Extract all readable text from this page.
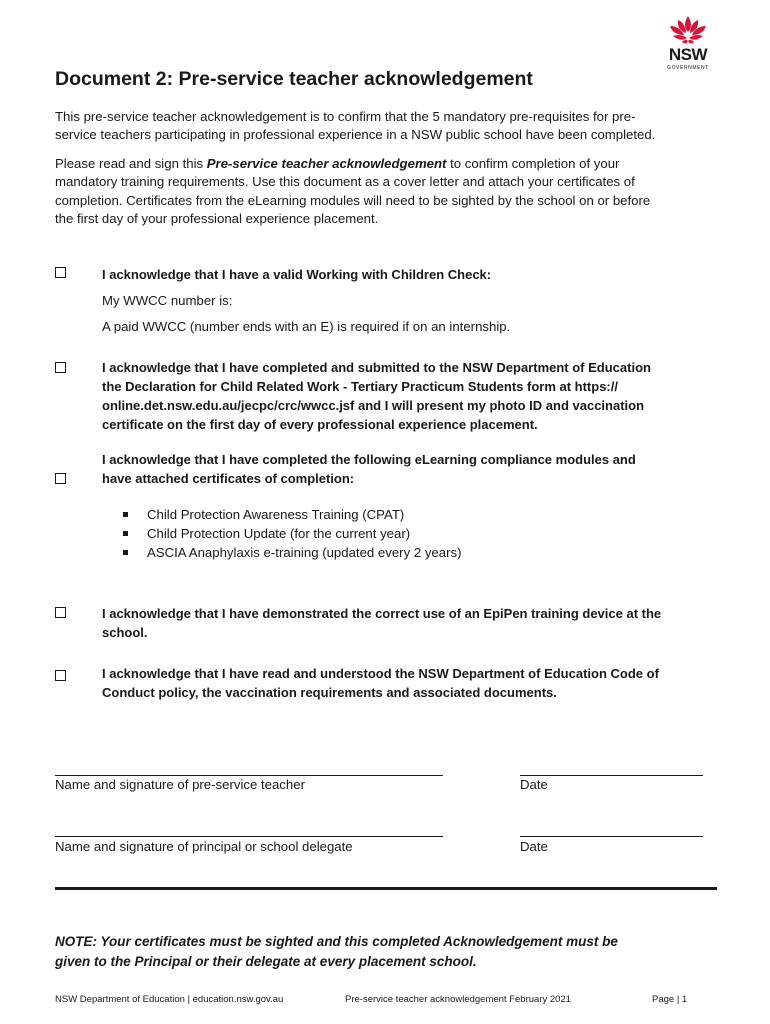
NSW
GOVERNMENT
Document 2: Pre-service teacher acknowledgement

This pre-service teacher acknowledgement is to confirm that the 5 mandatory pre-requisites for pre-
service teachers participating in professional experience in a NSW public school have been completed.

Please read and sign this Pre-service teacher acknowledgement to confirm completion of your
mandatory training requirements. Use this document as a cover letter and attach your certificates of
completion. Certificates from the eLearning modules will need to be sighted by the school on or before
the first day of your professional experience placement.

I acknowledge that I have a valid Working with Children Check:

My WWCC number is:

A paid WWCC (number ends with an E) is required if on an internship.

I acknowledge that I have completed and submitted to the NSW Department of Education
the Declaration for Child Related Work - Tertiary Practicum Students form at https://
online.det.nsw.edu.au/jecpc/crc/wwcc.jsf and I will present my photo ID and vaccination
certificate on the first day of every professional experience placement.

I acknowledge that I have completed the following eLearning compliance modules and
have attached certificates of completion:

Child Protection Awareness Training (CPAT)
Child Protection Update (for the current year)
ASCIA Anaphylaxis e-training (updated every 2 years)

I acknowledge that I have demonstrated the correct use of an EpiPen training device at the
school.

I acknowledge that I have read and understood the NSW Department of Education Code of
Conduct policy, the vaccination requirements and associated documents.

Name and signature of pre-service teacher	Date

Name and signature of principal or school delegate	Date

NOTE: Your certificates must be sighted and this completed Acknowledgement must be
given to the Principal or their delegate at every placement school.

NSW Department of Education | education.nsw.gov.au	Pre-service teacher acknowledgement February 2021	Page | 1
